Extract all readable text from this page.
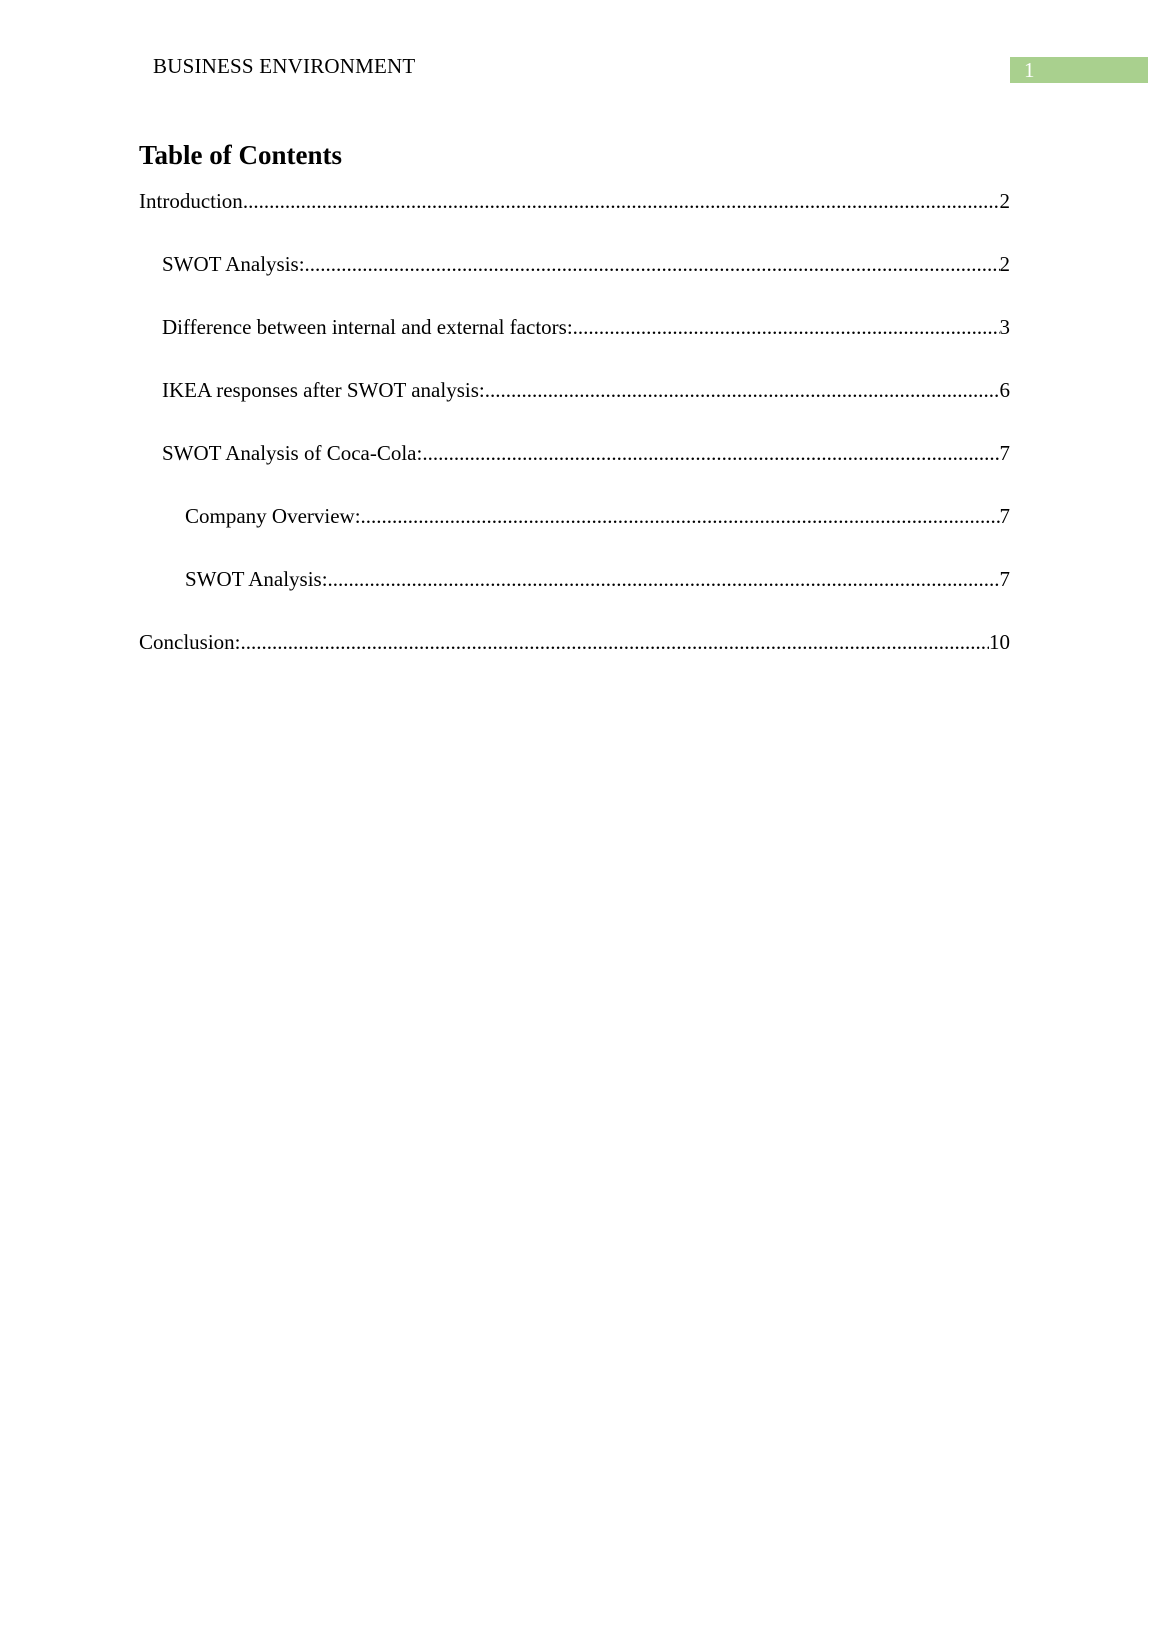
BUSINESS ENVIRONMENT	1
Table of Contents
Introduction .....	2
SWOT Analysis: .....	2
Difference between internal and external factors: .....	3
IKEA responses after SWOT analysis: .....	6
SWOT Analysis of Coca-Cola: .....	7
Company Overview: .....	7
SWOT Analysis: .....	7
Conclusion: .....	10
